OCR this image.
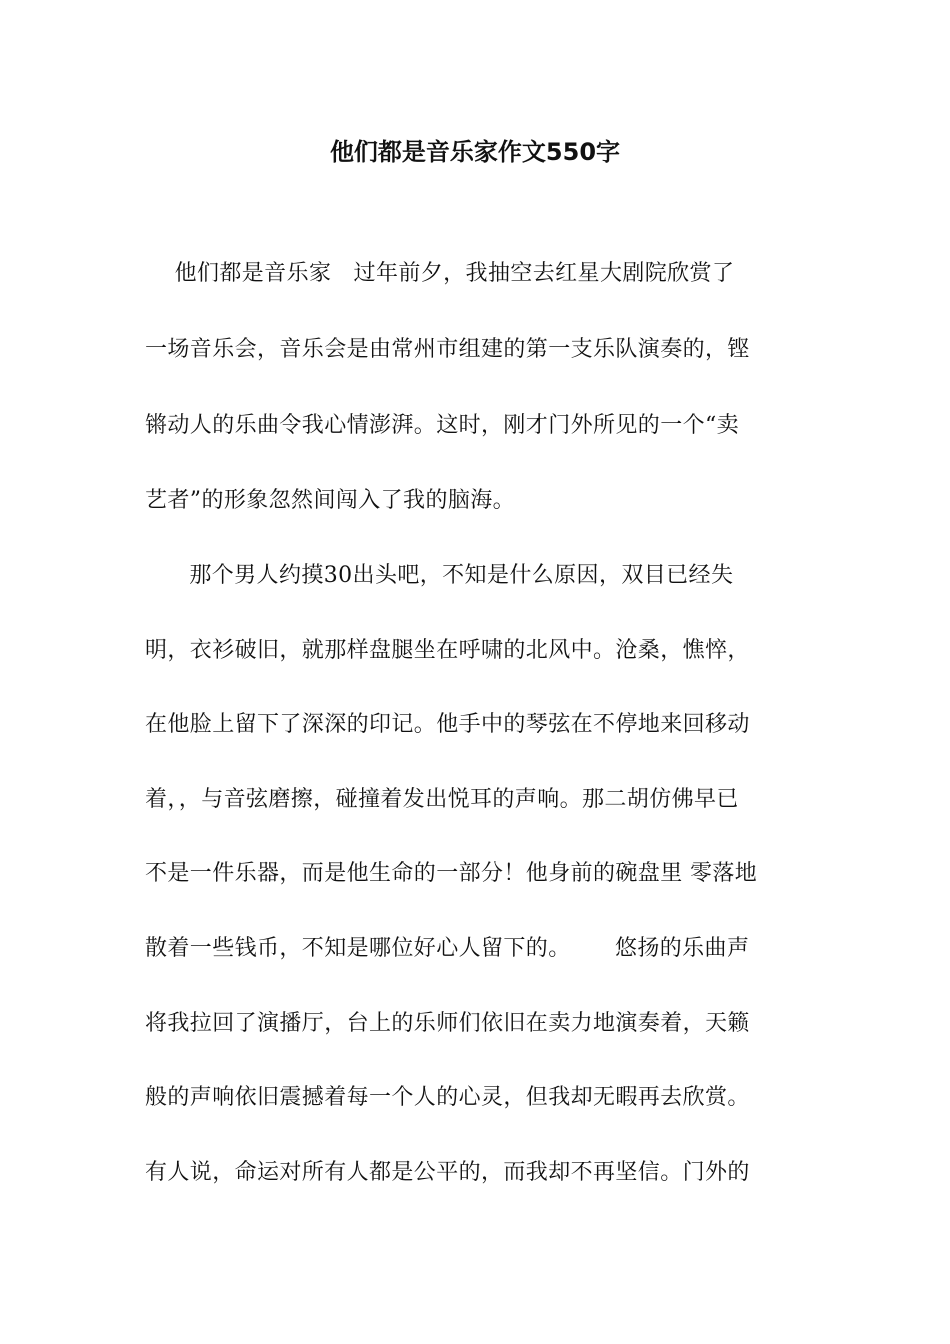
他们都是音乐家作文550字
他们都是音乐家   过年前夕，我抽空去红星大剧院欣赏了
一场音乐会，音乐会是由常州市组建的第一支乐队演奏的，铿
锵动人的乐曲令我心情澎湃。这时，刚才门外所见的一个“卖
艺者”的形象忽然间闯入了我的脑海。
那个男人约摸30出头吧，不知是什么原因，双目已经失
明，衣衫破旧，就那样盘腿坐在呼啸的北风中。沧桑，憔悴，
在他脸上留下了深深的印记。他手中的琴弦在不停地来回移动
着，，与音弦磨擦，碰撞着发出悦耳的声响。那二胡仿佛早已
不是一件乐器，而是他生命的一部分！他身前的碗盘里 零落地
散着一些钱币，不知是哪位好心人留下的。      悠扬的乐曲声
将我拉回了演播厅，台上的乐师们依旧在卖力地演奏着，天籁
般的声响依旧震撼着每一个人的心灵，但我却无暇再去欣赏。
有人说，命运对所有人都是公平的，而我却不再坚信。门外的
